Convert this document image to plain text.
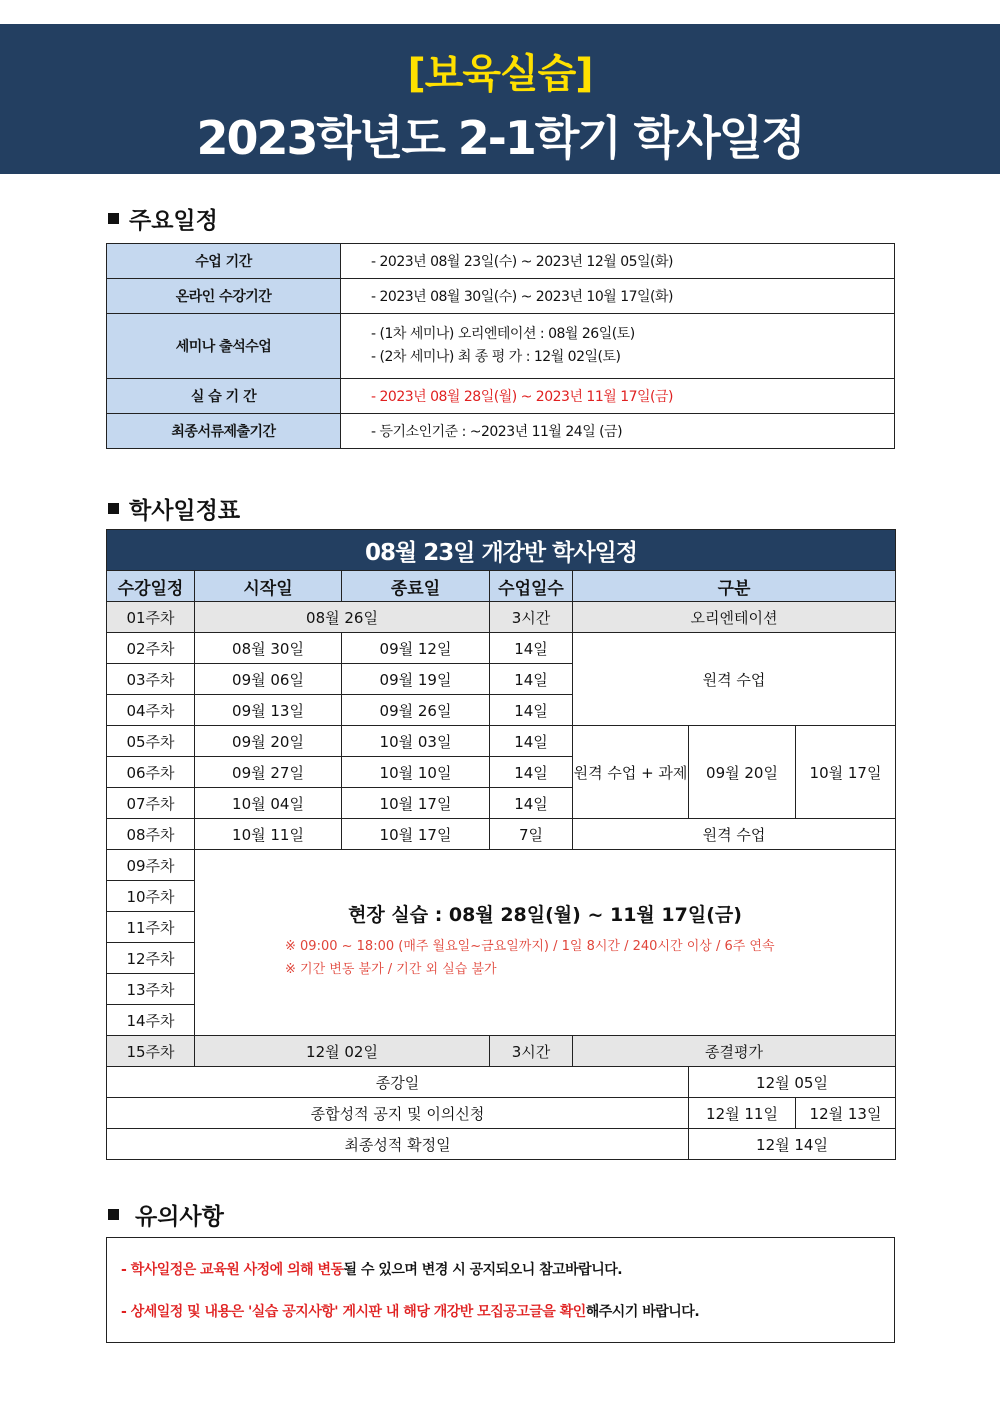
[보육실습]
2023학년도 2-1학기 학사일정
주요일정
수업 기간	- 2023년 08월 23일(수) ~ 2023년 12월 05일(화)
온라인 수강기간	- 2023년 08월 30일(수) ~ 2023년 10월 17일(화)
세미나 출석수업	- (1차 세미나) 오리엔테이션 : 08월 26일(토)
- (2차 세미나) 최 종 평 가 : 12월 02일(토)

실 습 기 간	- 2023년 08월 28일(월) ~ 2023년 11월 17일(금)
최종서류제출기간	- 등기소인기준 : ~2023년 11월 24일 (금)
학사일정표
08월 23일 개강반 학사일정						
수강일정	시작일	종료일	수업일수	구분		
01주차	08월 26일		3시간	오리엔테이션		
02주차	08월 30일	09월 12일	14일	원격 수업		
03주차	09월 06일	09월 19일	14일			
04주차	09월 13일	09월 26일	14일			
05주차	09월 20일	10월 03일	14일	원격 수업 + 과제	09월 20일	10월 17일
06주차	09월 27일	10월 10일	14일			
07주차	10월 04일	10월 17일	14일			
08주차	10월 11일	10월 17일	7일	원격 수업		
09주차	현장 실습 : 08월 28일(월) ~ 11월 17일(금)
※ 09:00 ~ 18:00 (매주 월요일~금요일까지) / 1일 8시간 / 240시간 이상 / 6주 연속
※ 기간 변동 불가 / 기간 외 실습 불가					

10주차						
11주차						
12주차						
13주차						
14주차						
15주차	12월 02일		3시간	종결평가		
종강일					12월 05일	
종합성적 공지 및 이의신청					12월 11일	12월 13일
최종성적 확정일					12월 14일	
유의사항
- 학사일정은 교육원 사정에 의해 변동될 수 있으며 변경 시 공지되오니 참고바랍니다.
- 상세일정 및 내용은 '실습 공지사항' 게시판 내 해당 개강반 모집공고글을 확인해주시기 바랍니다.
